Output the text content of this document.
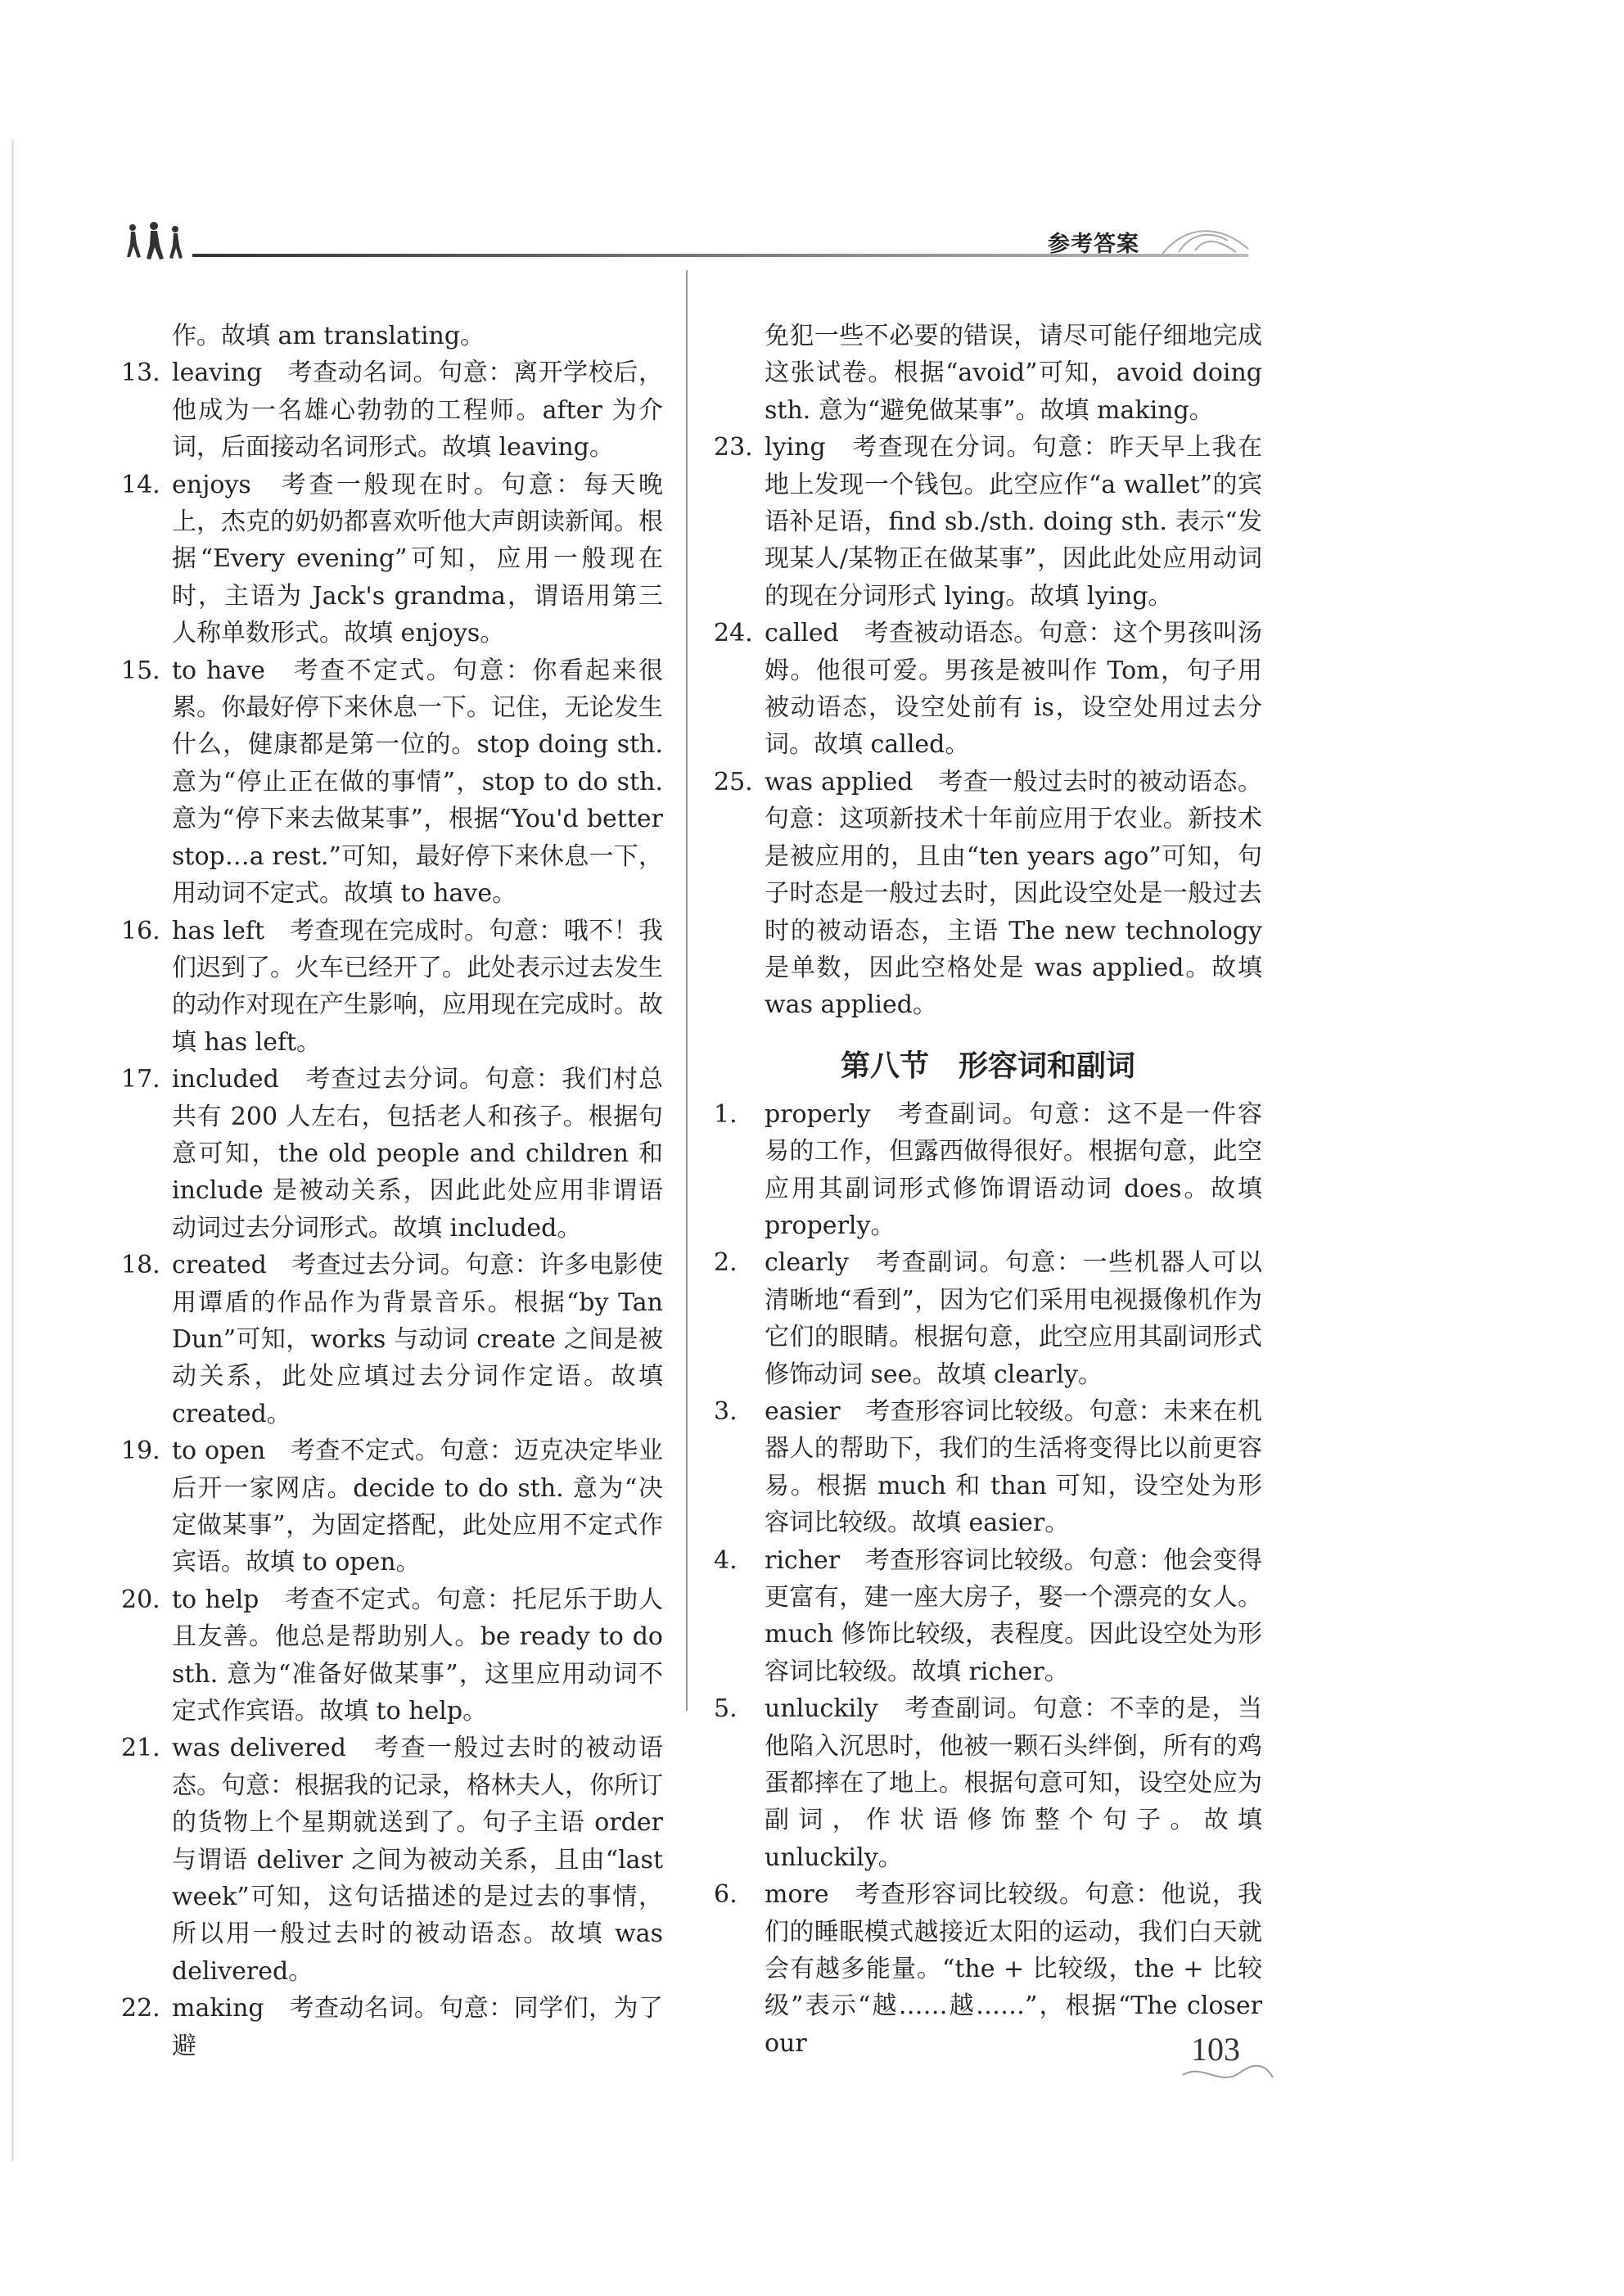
参考答案

作。故填 am translating。

13. leaving　考查动名词。句意：离开学校后，他成为一名雄心勃勃的工程师。after 为介词，后面接动名词形式。故填 leaving。

14. enjoys　考查一般现在时。句意：每天晚上，杰克的奶奶都喜欢听他大声朗读新闻。根据“Every evening”可知，应用一般现在时，主语为 Jack's grandma，谓语用第三人称单数形式。故填 enjoys。

15. to have　考查不定式。句意：你看起来很累。你最好停下来休息一下。记住，无论发生什么，健康都是第一位的。stop doing sth. 意为“停止正在做的事情”，stop to do sth. 意为“停下来去做某事”，根据“You'd better stop…a rest.”可知，最好停下来休息一下，用动词不定式。故填 to have。

16. has left　考查现在完成时。句意：哦不！我们迟到了。火车已经开了。此处表示过去发生的动作对现在产生影响，应用现在完成时。故填 has left。

17. included　考查过去分词。句意：我们村总共有 200 人左右，包括老人和孩子。根据句意可知，the old people and children 和 include 是被动关系，因此此处应用非谓语动词过去分词形式。故填 included。

18. created　考查过去分词。句意：许多电影使用谭盾的作品作为背景音乐。根据“by Tan Dun”可知，works 与动词 create 之间是被动关系，此处应填过去分词作定语。故填 created。

19. to open　考查不定式。句意：迈克决定毕业后开一家网店。decide to do sth. 意为“决定做某事”，为固定搭配，此处应用不定式作宾语。故填 to open。

20. to help　考查不定式。句意：托尼乐于助人且友善。他总是帮助别人。be ready to do sth. 意为“准备好做某事”，这里应用动词不定式作宾语。故填 to help。

21. was delivered　考查一般过去时的被动语态。句意：根据我的记录，格林夫人，你所订的货物上个星期就送到了。句子主语 order 与谓语 deliver 之间为被动关系，且由“last week”可知，这句话描述的是过去的事情，所以用一般过去时的被动语态。故填 was delivered。

22. making　考查动名词。句意：同学们，为了避

免犯一些不必要的错误，请尽可能仔细地完成这张试卷。根据“avoid”可知，avoid doing sth. 意为“避免做某事”。故填 making。

23. lying　考查现在分词。句意：昨天早上我在地上发现一个钱包。此空应作“a wallet”的宾语补足语，find sb./sth. doing sth. 表示“发现某人/某物正在做某事”，因此此处应用动词的现在分词形式 lying。故填 lying。

24. called　考查被动语态。句意：这个男孩叫汤姆。他很可爱。男孩是被叫作 Tom，句子用被动语态，设空处前有 is，设空处用过去分词。故填 called。

25. was applied　考查一般过去时的被动语态。句意：这项新技术十年前应用于农业。新技术是被应用的，且由“ten years ago”可知，句子时态是一般过去时，因此设空处是一般过去时的被动语态，主语 The new technology 是单数，因此空格处是 was applied。故填 was applied。

第八节　形容词和副词

1. properly　考查副词。句意：这不是一件容易的工作，但露西做得很好。根据句意，此空应用其副词形式修饰谓语动词 does。故填 properly。

2. clearly　考查副词。句意：一些机器人可以清晰地“看到”，因为它们采用电视摄像机作为它们的眼睛。根据句意，此空应用其副词形式修饰动词 see。故填 clearly。

3. easier　考查形容词比较级。句意：未来在机器人的帮助下，我们的生活将变得比以前更容易。根据 much 和 than 可知，设空处为形容词比较级。故填 easier。

4. richer　考查形容词比较级。句意：他会变得更富有，建一座大房子，娶一个漂亮的女人。much 修饰比较级，表程度。因此设空处为形容词比较级。故填 richer。

5. unluckily　考查副词。句意：不幸的是，当他陷入沉思时，他被一颗石头绊倒，所有的鸡蛋都摔在了地上。根据句意可知，设空处应为副词，作状语修饰整个句子。故填 unluckily。

6. more　考查形容词比较级。句意：他说，我们的睡眠模式越接近太阳的运动，我们白天就会有越多能量。“the + 比较级，the + 比较级”表示“越……越……”，根据“The closer our	103
